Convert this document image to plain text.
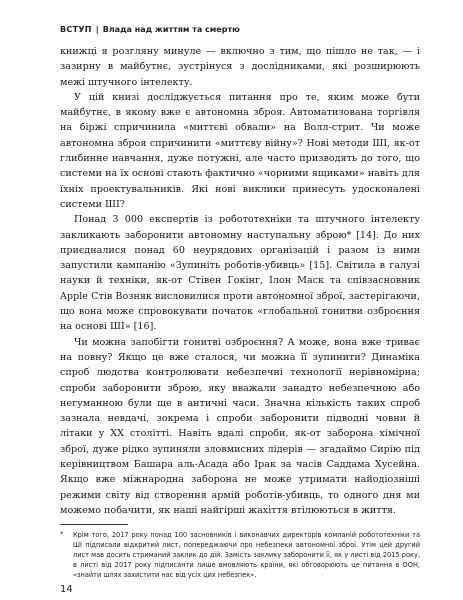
ВСТУП | Влада над життям та смертю

книжці я розгляну минуле — включно з тим, що пішло не так, — і зазирну в майбутнє, зустрінуся з дослідниками, які розширюють межі штучного інтелекту.

У цій книзі досліджується питання про те, яким може бути майбутнє, в якому вже є автономна зброя. Автоматизована торгівля на біржі спричинила «миттєві обвали» на Волл-стрит. Чи може автономна зброя спричинити «миттєву війну»? Нові методи ШІ, як-от глибинне навчання, дуже потужні, але часто призводять до того, що системи на їх основі стають фактично «чорними ящиками» навіть для їхніх проектувальників. Які нові виклики принесуть удосконалені системи ШІ?

Понад 3 000 експертів із робототехніки та штучного інтелекту закликають заборонити автономну наступальну зброю* [14]. До них приєдналися понад 60 неурядових організацій і разом із ними запустили кампанію «Зупиніть роботів-убивць» [15]. Світила в галузі науки й техніки, як-от Стівен Гокінг, Ілон Маск та співзасновник Apple Стів Возняк висловилися проти автономної зброї, застерігаючи, що вона може спровокувати початок «глобальної гонитви озброєння на основі ШІ» [16].

Чи можна запобігти гонитві озброєння? А може, вона вже триває на повну? Якщо це вже сталося, чи можна її зупинити? Динаміка спроб людства контролювати небезпечні технології нерівномірна; спроби заборонити зброю, яку вважали занадто небезпечною або негуманною були ще в античні часи. Значна кількість таких спроб зазнала невдачі, зокрема і спроби заборонити підводні човни й літаки у XX столітті. Навіть вдалі спроби, як-от заборона хімічної зброї, дуже рідко зупиняли зловмисних лідерів — згадаймо Сирію під керівництвом Башара аль-Асада або Ірак за часів Саддама Хусейна. Якщо вже міжнародна заборона не може утримати найодіозніші режими світу від створення армій роботів-убивць, то одного дня ми можемо побачити, як наші найгірші жахіття втілюються в життя.

* Крім того, 2017 року понад 100 засновників і виконавчих директорів компаній робототехніки та ШІ підписали відкритий лист, попереджаючи про небезпеки автономної зброї. Утім цей другий лист мав досить стриманий заклик до дій. Замість заклику заборонити її, як у листі від 2015 року, в листі від 2017 року підписанти лише вмовляють країни, які обговорюють це питання в ООН, «знайти шлях захистити нас від усіх цих небезпек».
14
